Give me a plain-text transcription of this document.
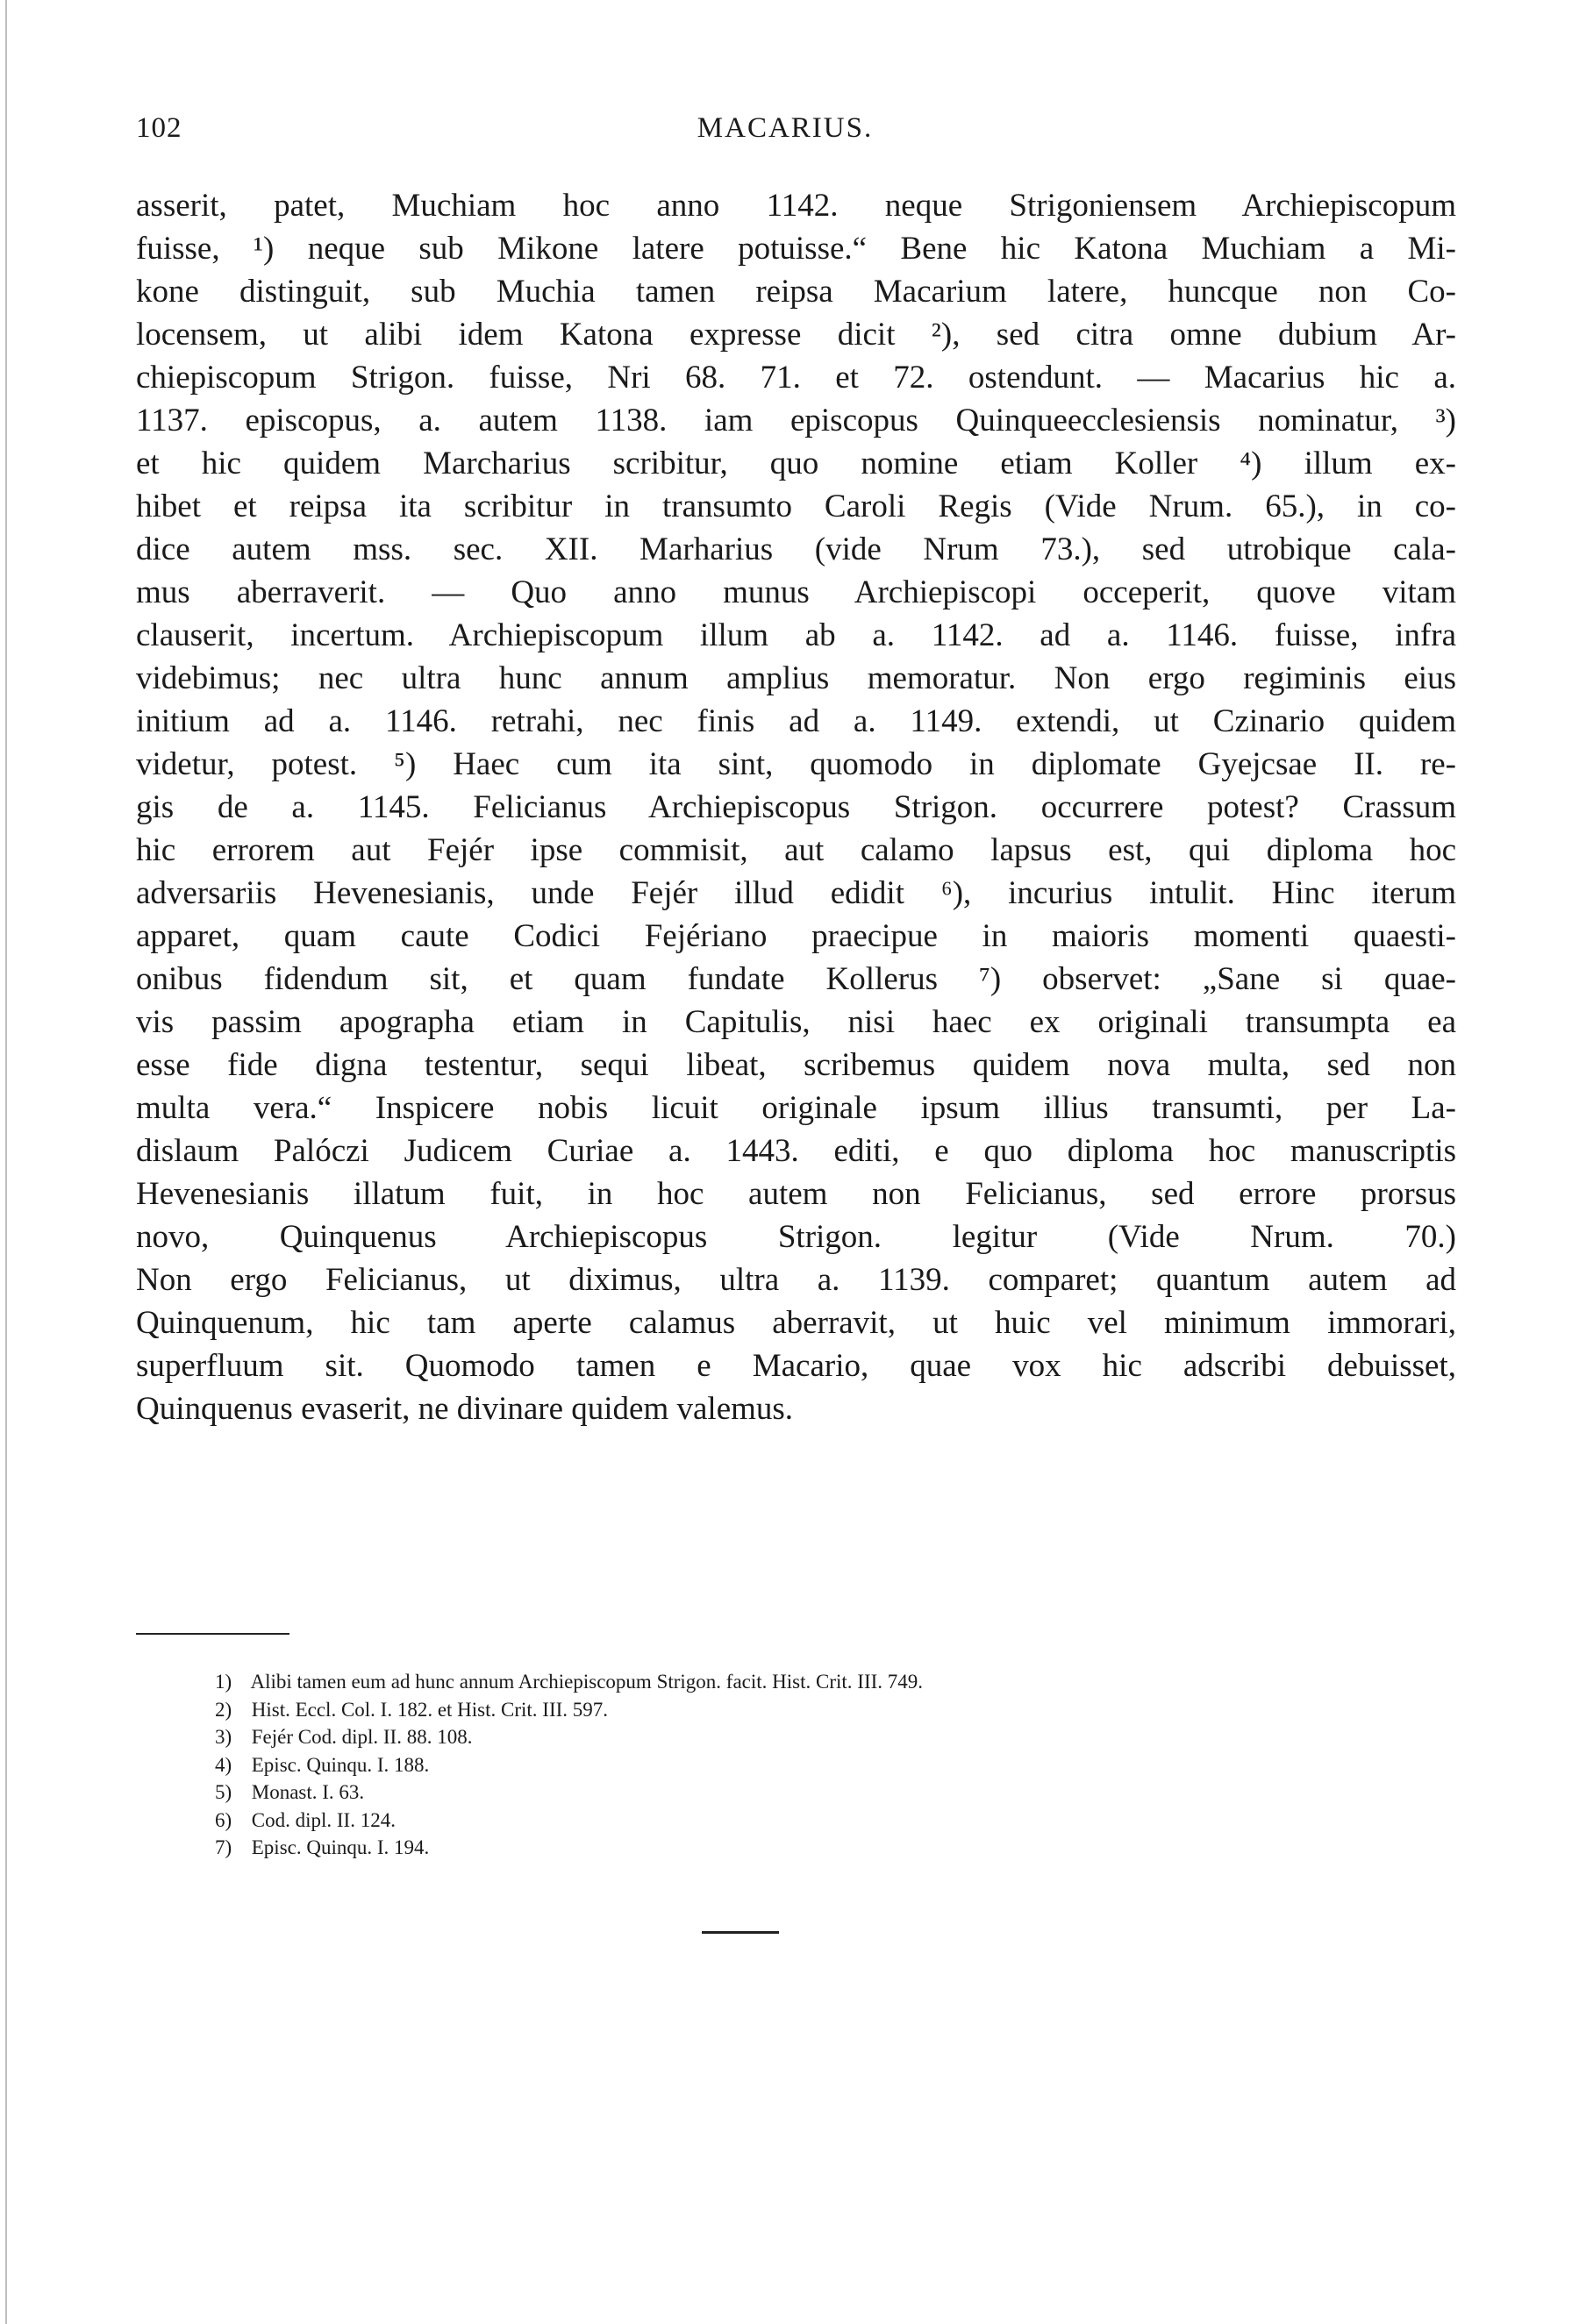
102	MACARIUS.
asserit, patet, Muchiam hoc anno 1142. neque Strigoniensem Archiepiscopum
fuisse, ¹) neque sub Mikone latere potuisse.“ Bene hic Katona Muchiam a Mi-
kone distinguit, sub Muchia tamen reipsa Macarium latere, huncque non Co-
locensem, ut alibi idem Katona expresse dicit ²), sed citra omne dubium Ar-
chiepiscopum Strigon. fuisse, Nri 68. 71. et 72. ostendunt. — Macarius hic a.
1137. episcopus, a. autem 1138. iam episcopus Quinqueecclesiensis nominatur, ³)
et hic quidem Marcharius scribitur, quo nomine etiam Koller ⁴) illum ex-
hibet et reipsa ita scribitur in transumto Caroli Regis (Vide Nrum. 65.), in co-
dice autem mss. sec. XII. Marharius (vide Nrum 73.), sed utrobique cala-
mus aberraverit. — Quo anno munus Archiepiscopi occeperit, quove vitam
clauserit, incertum. Archiepiscopum illum ab a. 1142. ad a. 1146. fuisse, infra
videbimus; nec ultra hunc annum amplius memoratur. Non ergo regiminis eius
initium ad a. 1146. retrahi, nec finis ad a. 1149. extendi, ut Czinario quidem
videtur, potest. ⁵) Haec cum ita sint, quomodo in diplomate Gyejcsae II. re-
gis de a. 1145. Felicianus Archiepiscopus Strigon. occurrere potest? Crassum
hic errorem aut Fejér ipse commisit, aut calamo lapsus est, qui diploma hoc
adversariis Hevenesianis, unde Fejér illud edidit ⁶), incurius intulit. Hinc iterum
apparet, quam caute Codici Fejériano praecipue in maioris momenti quaesti-
onibus fidendum sit, et quam fundate Kollerus ⁷) observet: „Sane si quae-
vis passim apographa etiam in Capitulis, nisi haec ex originali transumpta ea
esse fide digna testentur, sequi libeat, scribemus quidem nova multa, sed non
multa vera.“ Inspicere nobis licuit originale ipsum illius transumti, per La-
dislaum Palóczi Judicem Curiae a. 1443. editi, e quo diploma hoc manuscriptis
Hevenesianis illatum fuit, in hoc autem non Felicianus, sed errore prorsus
novo, Quinquenus Archiepiscopus Strigon. legitur (Vide Nrum. 70.)
Non ergo Felicianus, ut diximus, ultra a. 1139. comparet; quantum autem ad
Quinquenum, hic tam aperte calamus aberravit, ut huic vel minimum immorari,
superfluum sit. Quomodo tamen e Macario, quae vox hic adscribi debuisset,
Quinquenus evaserit, ne divinare quidem valemus.
1) Alibi tamen eum ad hunc annum Archiepiscopum Strigon. facit. Hist. Crit. III. 749.
2) Hist. Eccl. Col. I. 182. et Hist. Crit. III. 597.
3) Fejér Cod. dipl. II. 88. 108.
4) Episc. Quinqu. I. 188.
5) Monast. I. 63.
6) Cod. dipl. II. 124.
7) Episc. Quinqu. I. 194.
